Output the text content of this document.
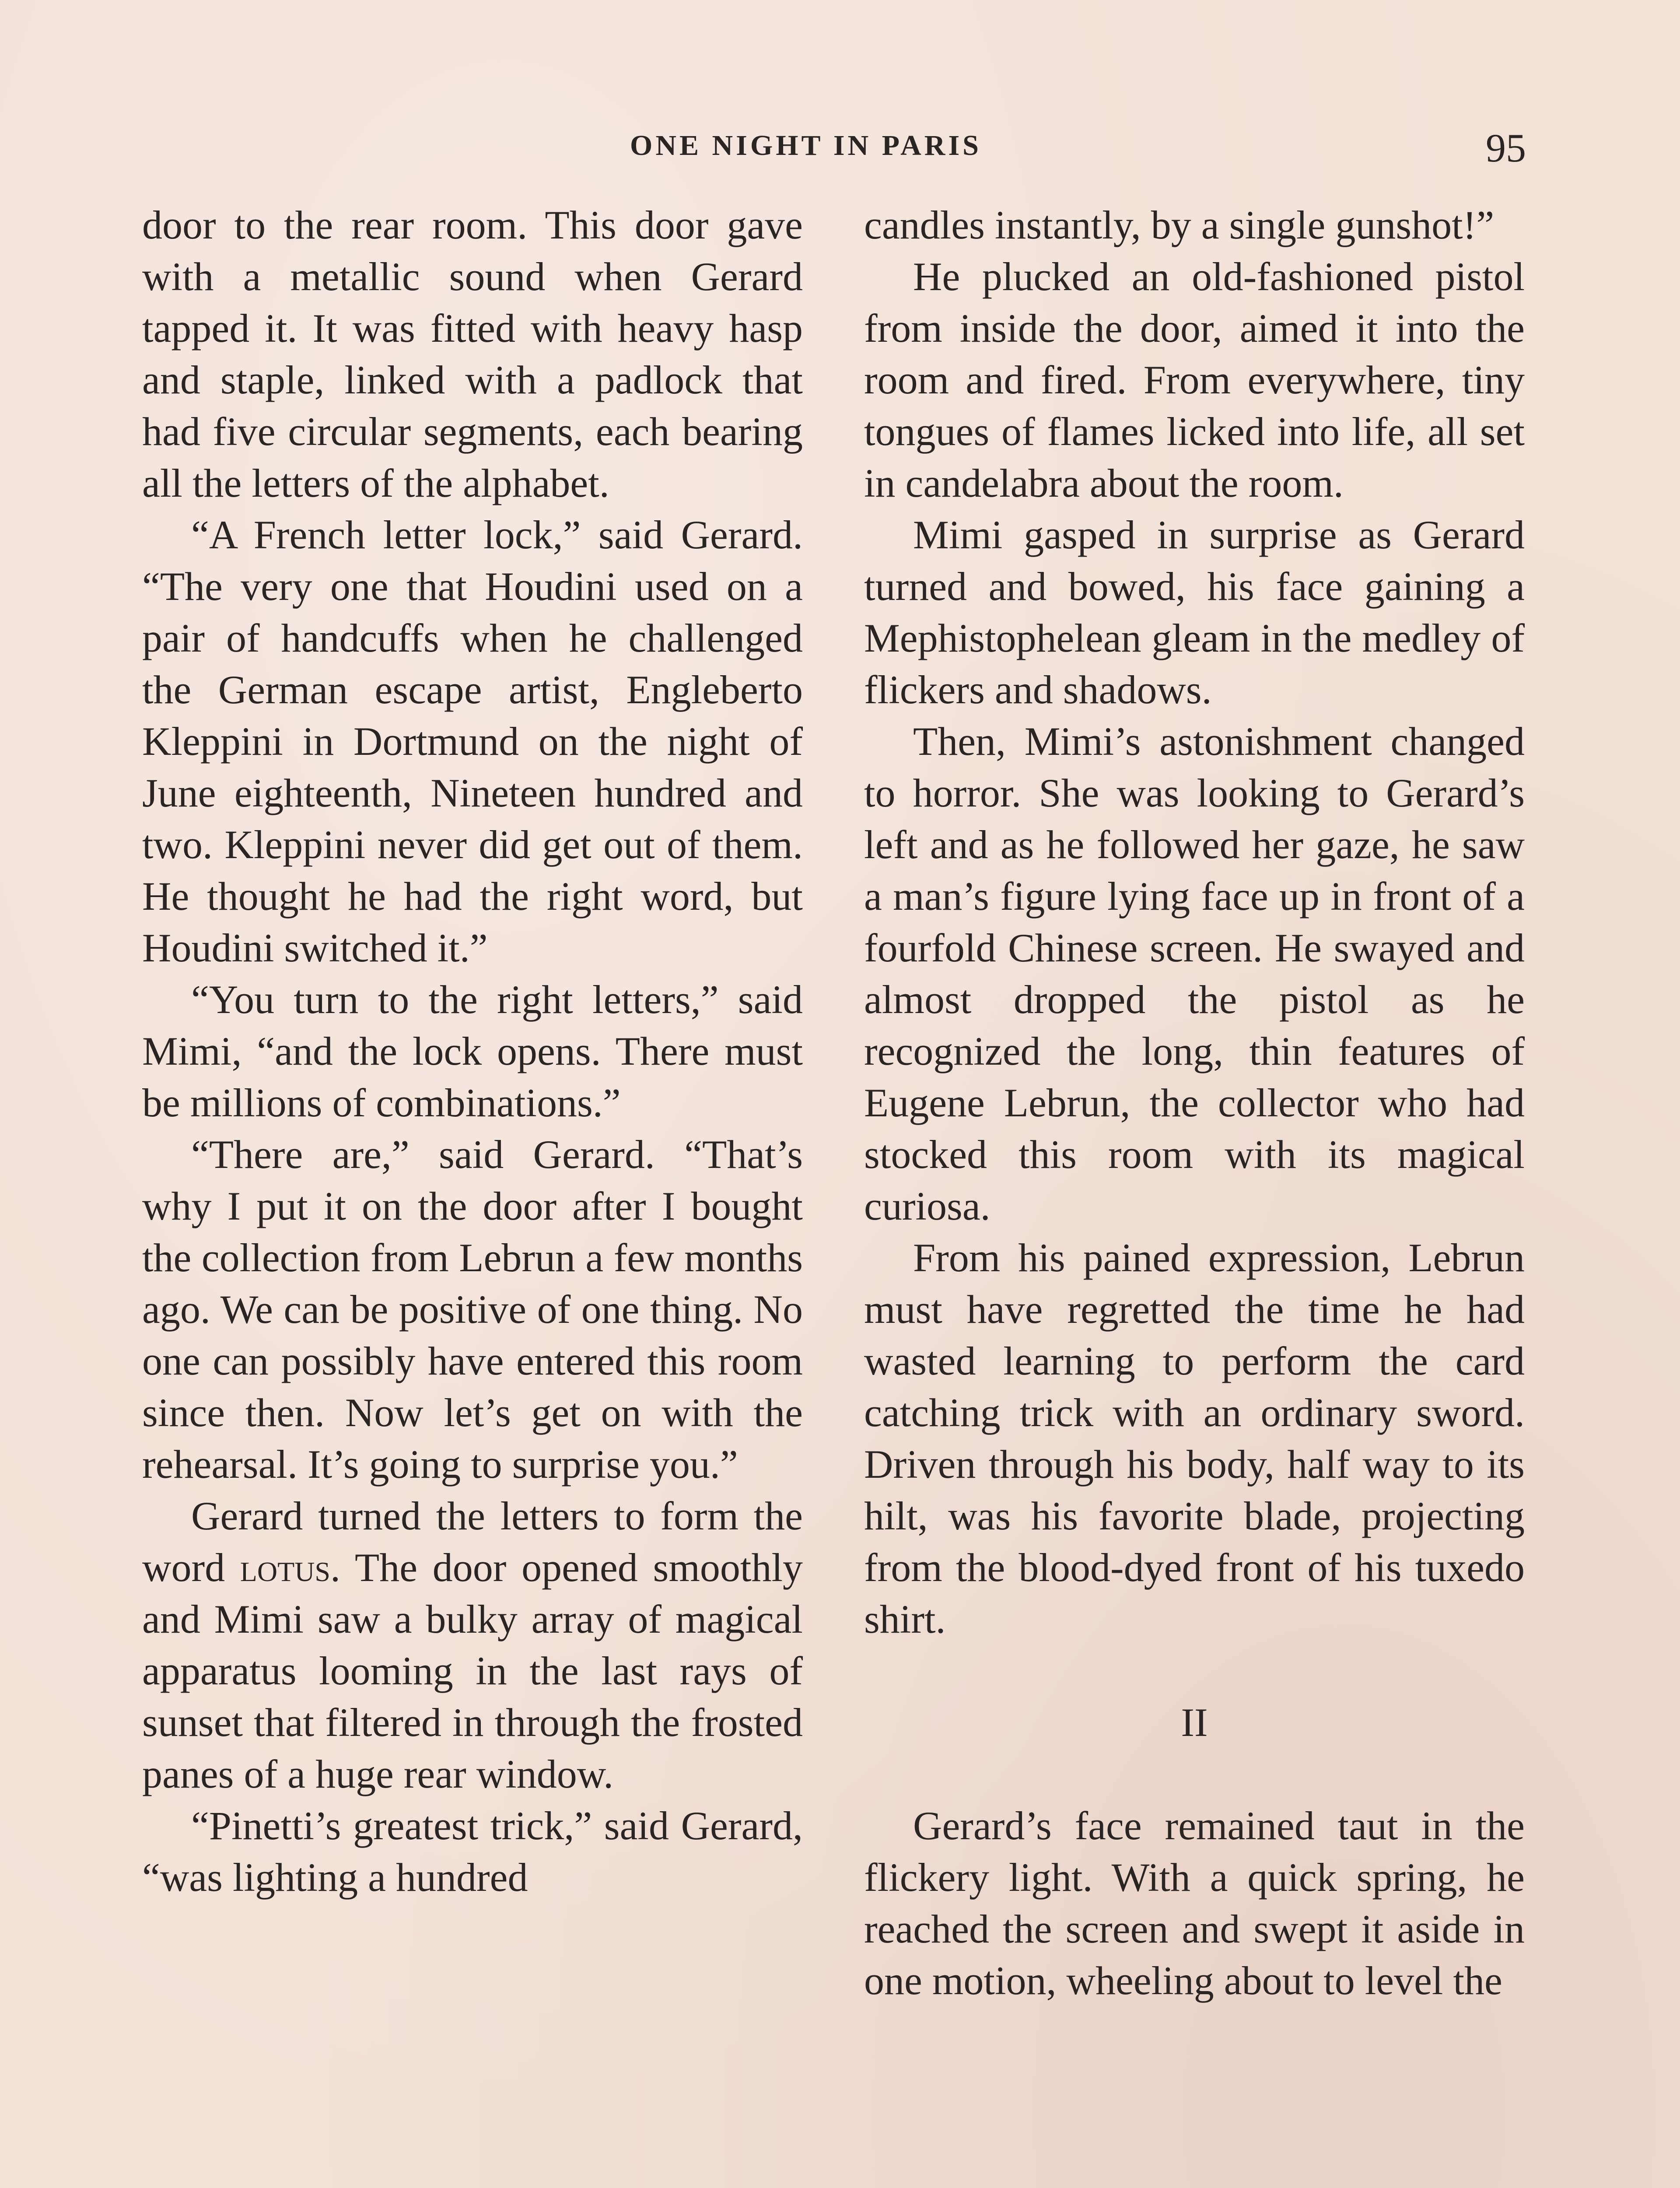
ONE NIGHT IN PARIS	95

door to the rear room. This door gave with a metallic sound when Gerard tapped it. It was fitted with heavy hasp and staple, linked with a padlock that had five circular segments, each bearing all the letters of the alphabet.

“A French letter lock,” said Gerard. “The very one that Houdini used on a pair of handcuffs when he challenged the German escape artist, Engleberto Kleppini in Dortmund on the night of June eighteenth, Nineteen hundred and two. Kleppini never did get out of them. He thought he had the right word, but Houdini switched it.”

“You turn to the right letters,” said Mimi, “and the lock opens. There must be millions of combinations.”

“There are,” said Gerard. “That’s why I put it on the door after I bought the collection from Lebrun a few months ago. We can be positive of one thing. No one can possibly have entered this room since then. Now let’s get on with the rehearsal. It’s going to surprise you.”

Gerard turned the letters to form the word lotus. The door opened smoothly and Mimi saw a bulky array of magical apparatus looming in the last rays of sunset that filtered in through the frosted panes of a huge rear window.

“Pinetti’s greatest trick,” said Gerard, “was lighting a hundred

candles instantly, by a single gunshot!”

He plucked an old-fashioned pistol from inside the door, aimed it into the room and fired. From everywhere, tiny tongues of flames licked into life, all set in candelabra about the room.

Mimi gasped in surprise as Gerard turned and bowed, his face gaining a Mephistophelean gleam in the medley of flickers and shadows.

Then, Mimi’s astonishment changed to horror. She was looking to Gerard’s left and as he followed her gaze, he saw a man’s figure lying face up in front of a fourfold Chinese screen. He swayed and almost dropped the pistol as he recognized the long, thin features of Eugene Lebrun, the collector who had stocked this room with its magical curiosa.

From his pained expression, Lebrun must have regretted the time he had wasted learning to perform the card catching trick with an ordinary sword. Driven through his body, half way to its hilt, was his favorite blade, projecting from the blood-dyed front of his tuxedo shirt.

II

Gerard’s face remained taut in the flickery light. With a quick spring, he reached the screen and swept it aside in one motion, wheeling about to level the
